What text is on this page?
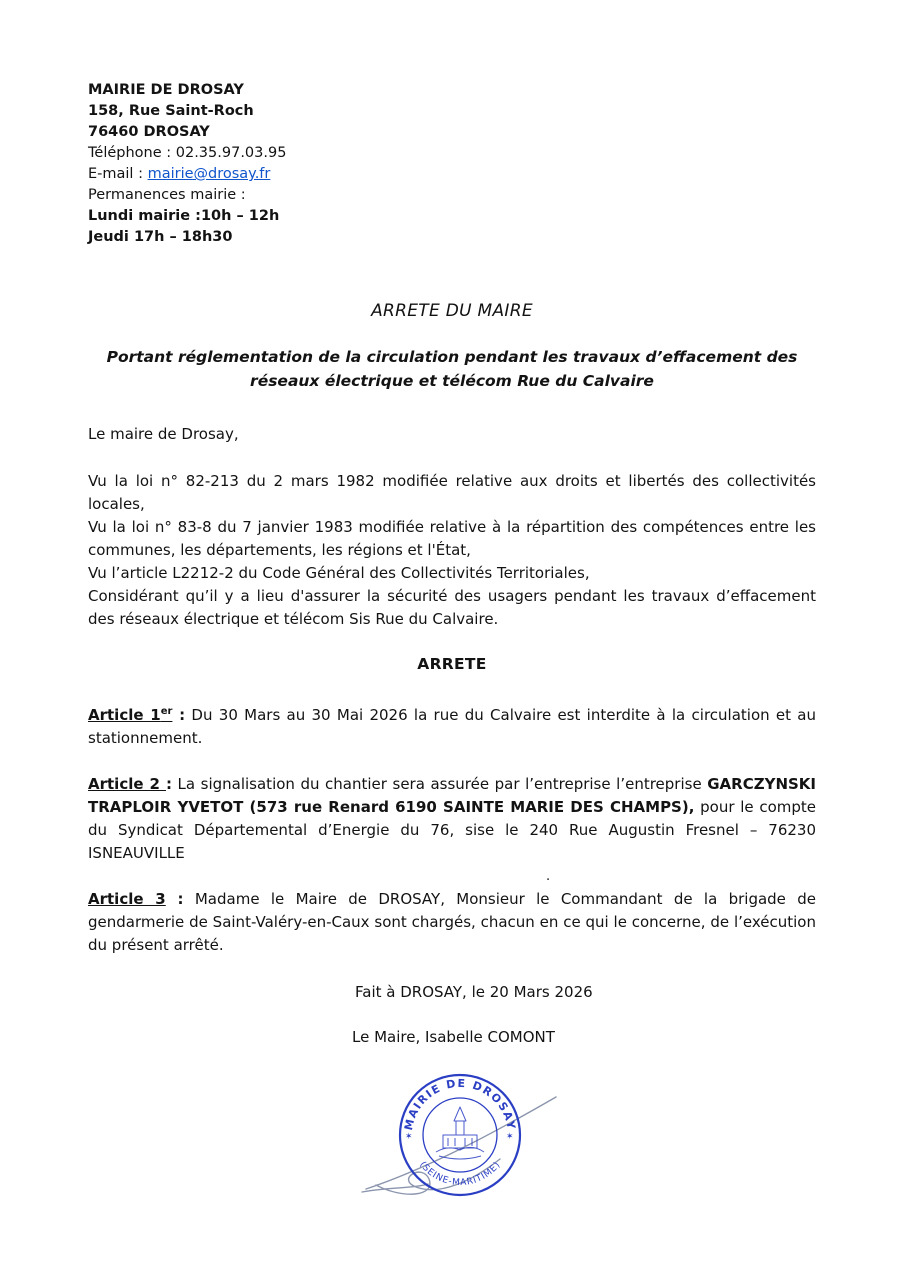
MAIRIE DE DROSAY
158, Rue Saint-Roch
76460 DROSAY
Téléphone : 02.35.97.03.95
E-mail : mairie@drosay.fr
Permanences mairie :
Lundi mairie :10h – 12h
Jeudi 17h – 18h30
ARRETE DU MAIRE
Portant réglementation de la circulation pendant les travaux d’effacement des réseaux électrique et télécom Rue du Calvaire
Le maire de Drosay,

Vu la loi n° 82-213 du 2 mars 1982 modifiée relative aux droits et libertés des collectivités locales,

Vu la loi n° 83-8 du 7 janvier 1983 modifiée relative à la répartition des compétences entre les communes, les départements, les régions et l'État,

Vu l’article L2212-2 du Code Général des Collectivités Territoriales,

Considérant qu’il y a lieu d'assurer la sécurité des usagers pendant les travaux d’effacement des réseaux électrique et télécom Sis Rue du Calvaire.

ARRETE

Article 1er : Du 30 Mars au 30 Mai 2026 la rue du Calvaire est interdite à la circulation et au stationnement.

Article 2 : La signalisation du chantier sera assurée par l’entreprise l’entreprise GARCZYNSKI TRAPLOIR YVETOT (573 rue Renard 6190 SAINTE MARIE DES CHAMPS), pour le compte du Syndicat Départemental d’Energie du 76, sise le 240 Rue Augustin Fresnel – 76230 ISNEAUVILLE

.

Article 3 : Madame le Maire de DROSAY, Monsieur le Commandant de la brigade de gendarmerie de Saint-Valéry-en-Caux sont chargés, chacun en ce qui le concerne, de l’exécution du présent arrêté.

Fait à DROSAY, le 20 Mars 2026
Le Maire, Isabelle COMONT
MAIRIE DE DROSAY
(SEINE-MARITIME)
✶	✶
